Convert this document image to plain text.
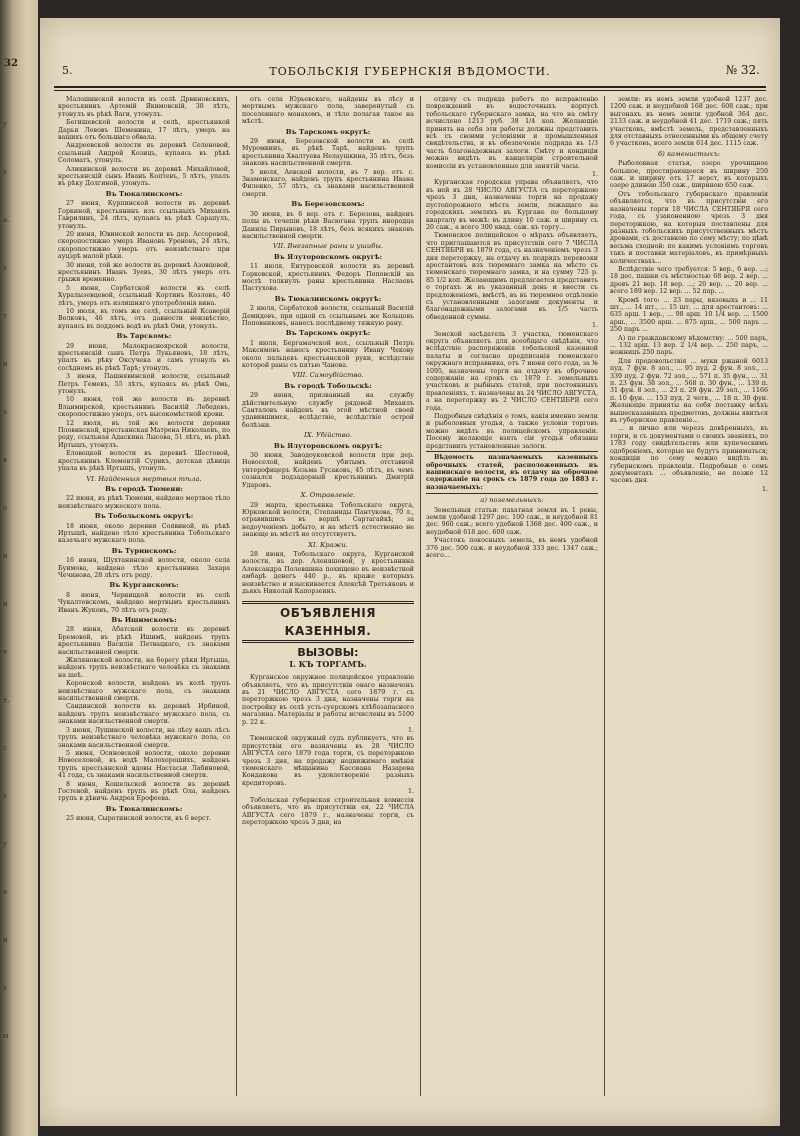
32
у
ь
а.
ь
т
н
ъ
в
о
н
и
е
е,
с
ь
у
а
и
ь
ы
5.	ТОБОЛЬСКІЯ ГУБЕРНСКІЯ ВѢДОМОСТИ.	№ 32.

Малошинской волости въ селѣ Дрвиновскихъ, крестьянинъ Артемій Якимовскій, 38 лѣтъ, утонулъ въ рѣкѣ Ваги, утонулъ.

Бегишевской волости и селѣ, крестьянкой Дарьи Левовъ Шеменина, 17 лѣтъ, умеръ на вашихъ отъ большаго обвала.

Андреевской волости въ деревнѣ Селеновой, ссыльный Андрей Козицъ, купаясь въ рѣкѣ Соломатъ, утонулъ.

Аликинской волости въ деревнѣ Михайловой, крестьянскій сынъ Иванъ Коптевъ, 5 лѣтъ, упалъ въ рѣку Долгиной, утонулъ.

Въ Тюкалинскомъ:

27 июня, Курпинской волости въ деревнѣ Горкиной, крестьянинъ изъ ссыльныхъ Михаилъ Гаврилинъ, 24 лѣтъ, купаясь въ рѣкѣ Сарапулъ, утонулъ.

20 июня, Ювинской волости въ дер. Ассоровой, скоропостижно умеръ Ивановъ Уреновъ, 24 лѣтъ, скоропостижно умеръ отъ неизвѣстнаго при ауцзрѣ малой рѣки.

30 июня, той же волости въ деревнѣ Азовцевой, крестьянинъ Иванъ Зуевъ, 30 лѣтъ умеръ отъ грыжи временно.

5 июня, Сорбатской волости въ селѣ Хуралызевцевой, ссыльный Кортинъ Козловъ, 40 лѣтъ, умеръ отъ излишняго употребленія вина.

10 июля, въ томъ же селѣ, ссыльный Ксаверій Волковъ, 46 лѣтъ, отъ давности неизвѣстно, купаясь въ поддомъ водѣ въ рѣкѣ Оми, утонулъ.

Въ Тарскомъ:

29 июня, Малокрасноярской волости, крестьянскій сынъ Петръ Лукьяновъ, 18 лѣтъ, упалъ въ рѣку Оксучека и самъ утонулъ въ сосѣднемъ въ рѣкѣ Тарѣ; утонулъ.

3 июня, Пашнявинской волости, ссыльный Петръ Гемевъ, 55 лѣтъ, купаясь въ рѣкѣ Омь, утонулъ.

10 июня, той же волости въ деревнѣ Влаимирской, крестьянинъ Василій Лебедевъ, скоропостижно умеръ, отъ высокомѣстной крови.

12 июля, въ той же волости деревни Пловинской, крестьянская Матрена Николаевъ, по роду, ссыльная Адаскина Лысова, 51 лѣтъ, въ рѣкѣ Иртышъ, утонулъ.

Еловецкой волости въ деревнѣ Шестовой, крестьянинъ Клементій Сурикъ, детская дѣвица упала въ рѣкѣ Иртышъ, утонулъ.

VI. Найденныя мертвыя тѣла.

Въ городѣ Тюмени:

22 июня, въ рѣкѣ Тюмени, найдено мертвое тѣло неизвѣстнаго мужеского пола.

Въ Тобольскомъ округѣ:

18 июня, около деревни Соявиной, въ рѣкѣ Иртышѣ, найдено тѣло крестьянина Тобольскаго казачьяго мужскаго пола.

Въ Туринскомъ:

16 июня, Шухтанинской волости, около села Буимова, найдено тѣло крестьянина Захара Чечинова, 28 лѣтъ отъ роду.

Въ Курганскомъ:

8 июня, Черницкой волости въ селѣ Чукалтевскомъ, найдено мертвымъ крестьянинъ Иванъ Жуковъ, 70 лѣтъ отъ роду.

Въ Ишимскомъ:

28 июня, Абатской волости въ деревнѣ Бремовой, въ рѣкѣ Ишимѣ, найденъ трупъ крестьянина Василія Петвацкаго, съ знаками насильственной смерти.

Жиляновской волости, на берегу рѣки Иртыша, найденъ трупъ неизвѣстнаго человѣка съ знаками на шеѣ.

Коронской волости, найденъ въ колѣ трупъ неизвѣстнаго мужскаго пола, съ знаками насильственной смерти.

Сандинской волости въ деревнѣ Ирбиной, найденъ трупъ неизвѣстнаго мужскаго пола, съ знаками насильственной смерти.

3 июня, Лушинской волости, на лѣсу вашъ лѣсъ трупъ неизвѣстнаго человѣка мужскаго пола, со знаками насильственной смерти.

5 июня, Осиновской волости, около деревни Новоселовой, въ водѣ Малохорошихъ, найденъ трупъ крестьянской вдовы Настасьи Лабиновой, 41 года, съ знаками насильственной смерти.

8 июня, Кошельской волости въ деревнѣ Гостевой, найденъ трупъ въ рѣкѣ Ола, найденъ трупъ в дѣвичь Андрея Ерофеева.

Въ Тюкалинскомъ:

25 июня, Сыротинской волости, въ 6 верст.

отъ села Юрьевскаго, найдены въ лѣсу и мертвымъ мужскаго пола, заверенутый съ поселеннаго монахомъ, и тѣло полагая такое на мѣстѣ.

Въ Тарскомъ округѣ:

29 июня, Березовской волости въ селѣ Муромкинъ, въ рѣкѣ Тарѣ, найденъ трупъ крестьянина Хвалтуева Нелаушкина, 35 лѣтъ, безъ знаковъ насильственной смерти.

5 июля, Аевской волости, въ 7 вер. отъ с. Знаменскаго, найденъ трупъ крестьянина Ивана Филенко, 57 лѣтъ, съ знаками насильственной смерти.

Въ Березовскомъ:

30 июня, въ 6 вер. отъ г. Березова, найденъ полы въ течепіи рѣки Васюгана трупъ инородца Данила Пирыновъ, 18 лѣтъ, безъ всякихъ знаковъ насильственной смерти.

VII. Внезапные раны и ушибы.

Въ Ялуторовскомъ округѣ:

11 июля, Ентуровской волости въ деревнѣ Горковской, крестьянинъ Федоръ Поповскій на мостѣ толкнулъ раны крестьянина Наслаевъ Пастухова.

Въ Тюкалинскомъ округѣ:

2 июля, Сорбатской волости, ссыльный Василій Демидовъ, при одной съ ссыльнымъ же Кольцовъ Поповниковъ, нанесъ послѣднему тяжкую рану.

Въ Тарскомъ округѣ:

1 июля, Бергамачской вол., ссыльный Петръ Максимовъ нанесъ крестьянину Ивану Чекову около пальцевъ крестьянской руки, вслѣдствіе которой раны съ пятью Чанова.

VIII. Самоубійство.

Въ городѣ Тобольскѣ:

29 июня, призванный на службу дѣйствительную службу рядовой Михаилъ Санталовъ найденъ въ этой мѣстной своей удавившимся, вслѣдствіе, вслѣдствіе острой болѣзни.

IX. Убійство.

Въ Ялуторовскомъ округѣ:

30 июня, Заводоуковской волости при дер. Новоселой, найденъ убитымъ отставной унтерофицеръ Козьма Гусаковъ, 45 лѣтъ, въ чемъ сознался подзадорный крестьянинъ Дмитрій Ударовъ.

X. Отравленіе.

29 марта, крестьянка Тобольскаго округа, Юрковской волости, Степаниды Пантукова, 70 л., отравившись въ вершѣ Сартагайкѣ; за недоученіемъ добыто, и на мѣстѣ естественно не знающе въ мѣстѣ не отсутствуетъ.

XI. Кражи.

28 июня, Тобольскаго округа, Курганской волости, въ дер. Аленяшевой, у крестьянина Александра Полевшина похищено въ неизвѣстной амбарѣ денегъ 440 р., въ краже которыхъ неизвѣстно и изыскивается Алексѣй Третьяковъ и дьякъ Николай Капорзеинъ.

ОБЪЯВЛЕНІЯ КАЗЕННЫЯ.
ВЫЗОВЫ:
I. КЪ ТОРГАМЪ.

Курганское окружное полицейское управленіе объявляетъ, что въ присутствіи онаго назначенъ въ 21 ЧИСЛО АВГУСТА сего 1879 г. съ переторжкою чрезъ 3 дня, назначены торги на постройку въ селѣ усть-суерскомъ хлѣбозапасного магазина. Матеріалы и работы исчислены въ 5100 р. 22 к.

1.

Тюменской окружный судъ публикуетъ, что въ присутствіи его назначены въ 28 ЧИСЛО АВГУСТА сего 1879 года торги, съ переторжкою чрезъ 3 дня, на продажу недвижимаго имѣнія тюменскаго мѣщанина Кассиана Назарова Кондакова въ удовлетвореніе разныхъ кредиторовъ.

1.

Тобольская губернская строительная комиссія объявляетъ, что въ присутствіи ея, 22 ЧИСЛА АВГУСТА сего 1879 г., назначены торги, съ переторжкою чрезъ 3 дня, на

отдачу съ подряда работъ по исправленію повреждений въ водосточныхъ корпусѣ тобольскаго губернскаго замка, на что на смѣту исчислено 1213 руб. 38 1/4 коп. Желающіе принять на себя эти работы должны представить всѣ съ своими условіями и промышленныя свидѣтельства, и въ обезпеченіе подряда въ 1/3 часть благонадежныя залоги. Смѣту и кондиціи можно видѣть въ канцеляріи строительной комиссіи въ установленные для занятій часы.

1.

Курганская городская управа объявляетъ, что въ ней въ 28 ЧИСЛО АВГУСТА съ переторжкою чрезъ 3 дня, назначены торги на продажу пустопорожнего мѣста земли, лежащаго на городскихъ земляхъ въ Кургане по большому кварталу въ межѣ: въ длину 10 саж. и ширину съ 20 саж., а всего 300 квад. саж. къ торгу...

Тюменское полицейское о мѣрахъ объявляетъ, что приглашаются въ присутствіи сего 7 ЧИСЛА СЕНТЯБРЯ въ 1879 года, съ назначеніемъ чрезъ 3 дня переторжку, на отдачу въ подрядъ перевозки арестантовъ изъ тюремнаго замка на мѣсто съ тюменскаго тюремнаго замка, и на сумму 725 р. 85 1/2 коп. Желающимъ предлагается представить о торгахъ ж въ указанный день и внести съ предложеніемъ, вмѣстѣ, въ въ тюремное отдѣленіе съ установленными залогами документы и благонадежными залогами въ 1/5 часть обведенной суммы.

1.

Земской засѣдатель 3 участка, тюменскаго округа объявляетъ для всеобщаго свѣдѣнія, что вслѣдствіе распоряженія тобольской казенной палаты и согласно предписанія тюменскаго окружнаго исправника, отъ 7 июня сего года, за № 1095, назначены торги на отдачу въ оброчное содержаніе на срокъ съ 1879 г. земельныхъ участковъ и рыбныхъ статей, при постоянныхъ правленіяхъ, т. назначены въ 24 ЧИСЛО АВГУСТА, а на переторжку въ 2 ЧИСЛО СЕНТЯБРЯ сего года.

Подробныя свѣдѣнія о томъ, какія именно земли и рыболовныя угодья, а также условія торговъ можно видѣть въ полицейскомъ управленіи. Посему желающіе взять сіи угодья обязаны представить установленные залоги.

Вѣдомость назначаемыхъ казенныхъ оброчныхъ статей, расположенныхъ въ вашинскаго волости, въ отдачу на оброчное содержаніе на срокъ съ 1879 года до 1883 г. назначаемыхъ:

а) поземельныхъ:

Земельныя статьи: пахатная земля въ 1 ревы, земли удобной 1297 дес. 100 саж., и неудобной 81 дес. 960 саж.; всего удобной 1368 дес. 400 саж., и неудобной 618 дес. 600 саж.

Участокъ покосныхъ земель, въ немъ удобной 376 дес. 500 саж. и неудобной 333 дес. 1347 саж.; всего...

земли: въ немъ земли удобной 1237 дес. 1200 саж. и неудобной 168 дес. 608 саж.; при выгонахъ въ немъ земли удобной 364 дес. 2133 саж. и неудобной 41 дес. 1719 саж.; пять участковъ, вмѣстѣ земель, представленныхъ для отставныхъ отнесенными къ общему счету 6 участковъ, всего земли 614 дес. 1115 саж.

б) каменистыхъ:

Рыболовная статья, озеро урочищное большое, простирающееся въ ширину 250 саж. и ширину отъ 17 верст, въ которыхъ озеро длиною 350 саж., шириною 650 саж.

Отъ тобольскаго губернскаго правленія объявляется, что въ присутствіи его назначены торги 18 ЧИСЛА СЕНТЯБРЯ сего года, съ узаконенною чрезъ 3 дня переторжкою, на которыя поставлены для разныхъ тобольскихъ присутственныхъ мѣстъ дровами, съ доставкою по сему мѣсту; по цѣнѣ весьма сходной: по какимъ условіямъ торговъ такъ и поставки матеріаловъ, въ примѣрныхъ количествахъ...

Вслѣдствіе чего требуется: 5 вер., 6 вер. ...; 18 дес. пашни съ мѣстностью 68 вер. 2 вер. ... дровъ 21 вер. 18 вер. ...; 20 вер. ... 20 вер. ... всего 189 вер. 12 вер. ... 52 пар. ...

Кромѣ того: ... 23 пары, вязовыхъ и ... 11 шт., ... 14 шт., ... 15 шт. ... для арестантовъ: ... 635 арш. 1 вер., ... 98 арш. 10 1/4 вер. ... 1500 арш., ... 3500 арш. ... 875 арш., ... 500 паръ ... 250 паръ ...

А) по гражданскому вѣдомству: ... 500 паръ, ... 132 арш. 13 вер. 2 1/4 вер. ... 250 паръ, ... ножницъ 250 паръ.

Для продовольствія ... муки ржаной 6013 пуд. 7 фун. 8 зол., ... 95 пуд. 2 фун. 8 зол., ... 339 пуд. 2 фун. 72 зол., ... 571 п. 35 фун., ... 31 п. 23 фун. 38 зол., ... 568 п. 30 фун., ... 139 п. 31 фун. 8 зол., ... 23 п. 29 фун. 29 зол., ... 1166 п. 10 фун. ... 153 пуд. 2 четв., ... 18 п. 30 фун. Желающіе приняты на себя поставку всѣхъ вышесказанныхъ предметовъ, должны явиться въ губернское правленіе...

... и лично или черезъ довѣренныхъ, въ торги, и съ документами о своихъ званіяхъ, по 1783 году свидѣтельствъ или купеческимъ одобреніемъ, которые не будутъ приниматься; кондиціи по сему можно видѣть въ губернскомъ правленіи. Подробныя о семъ документахъ ... объявленіе, не позже 12 часовъ дня.

1.
